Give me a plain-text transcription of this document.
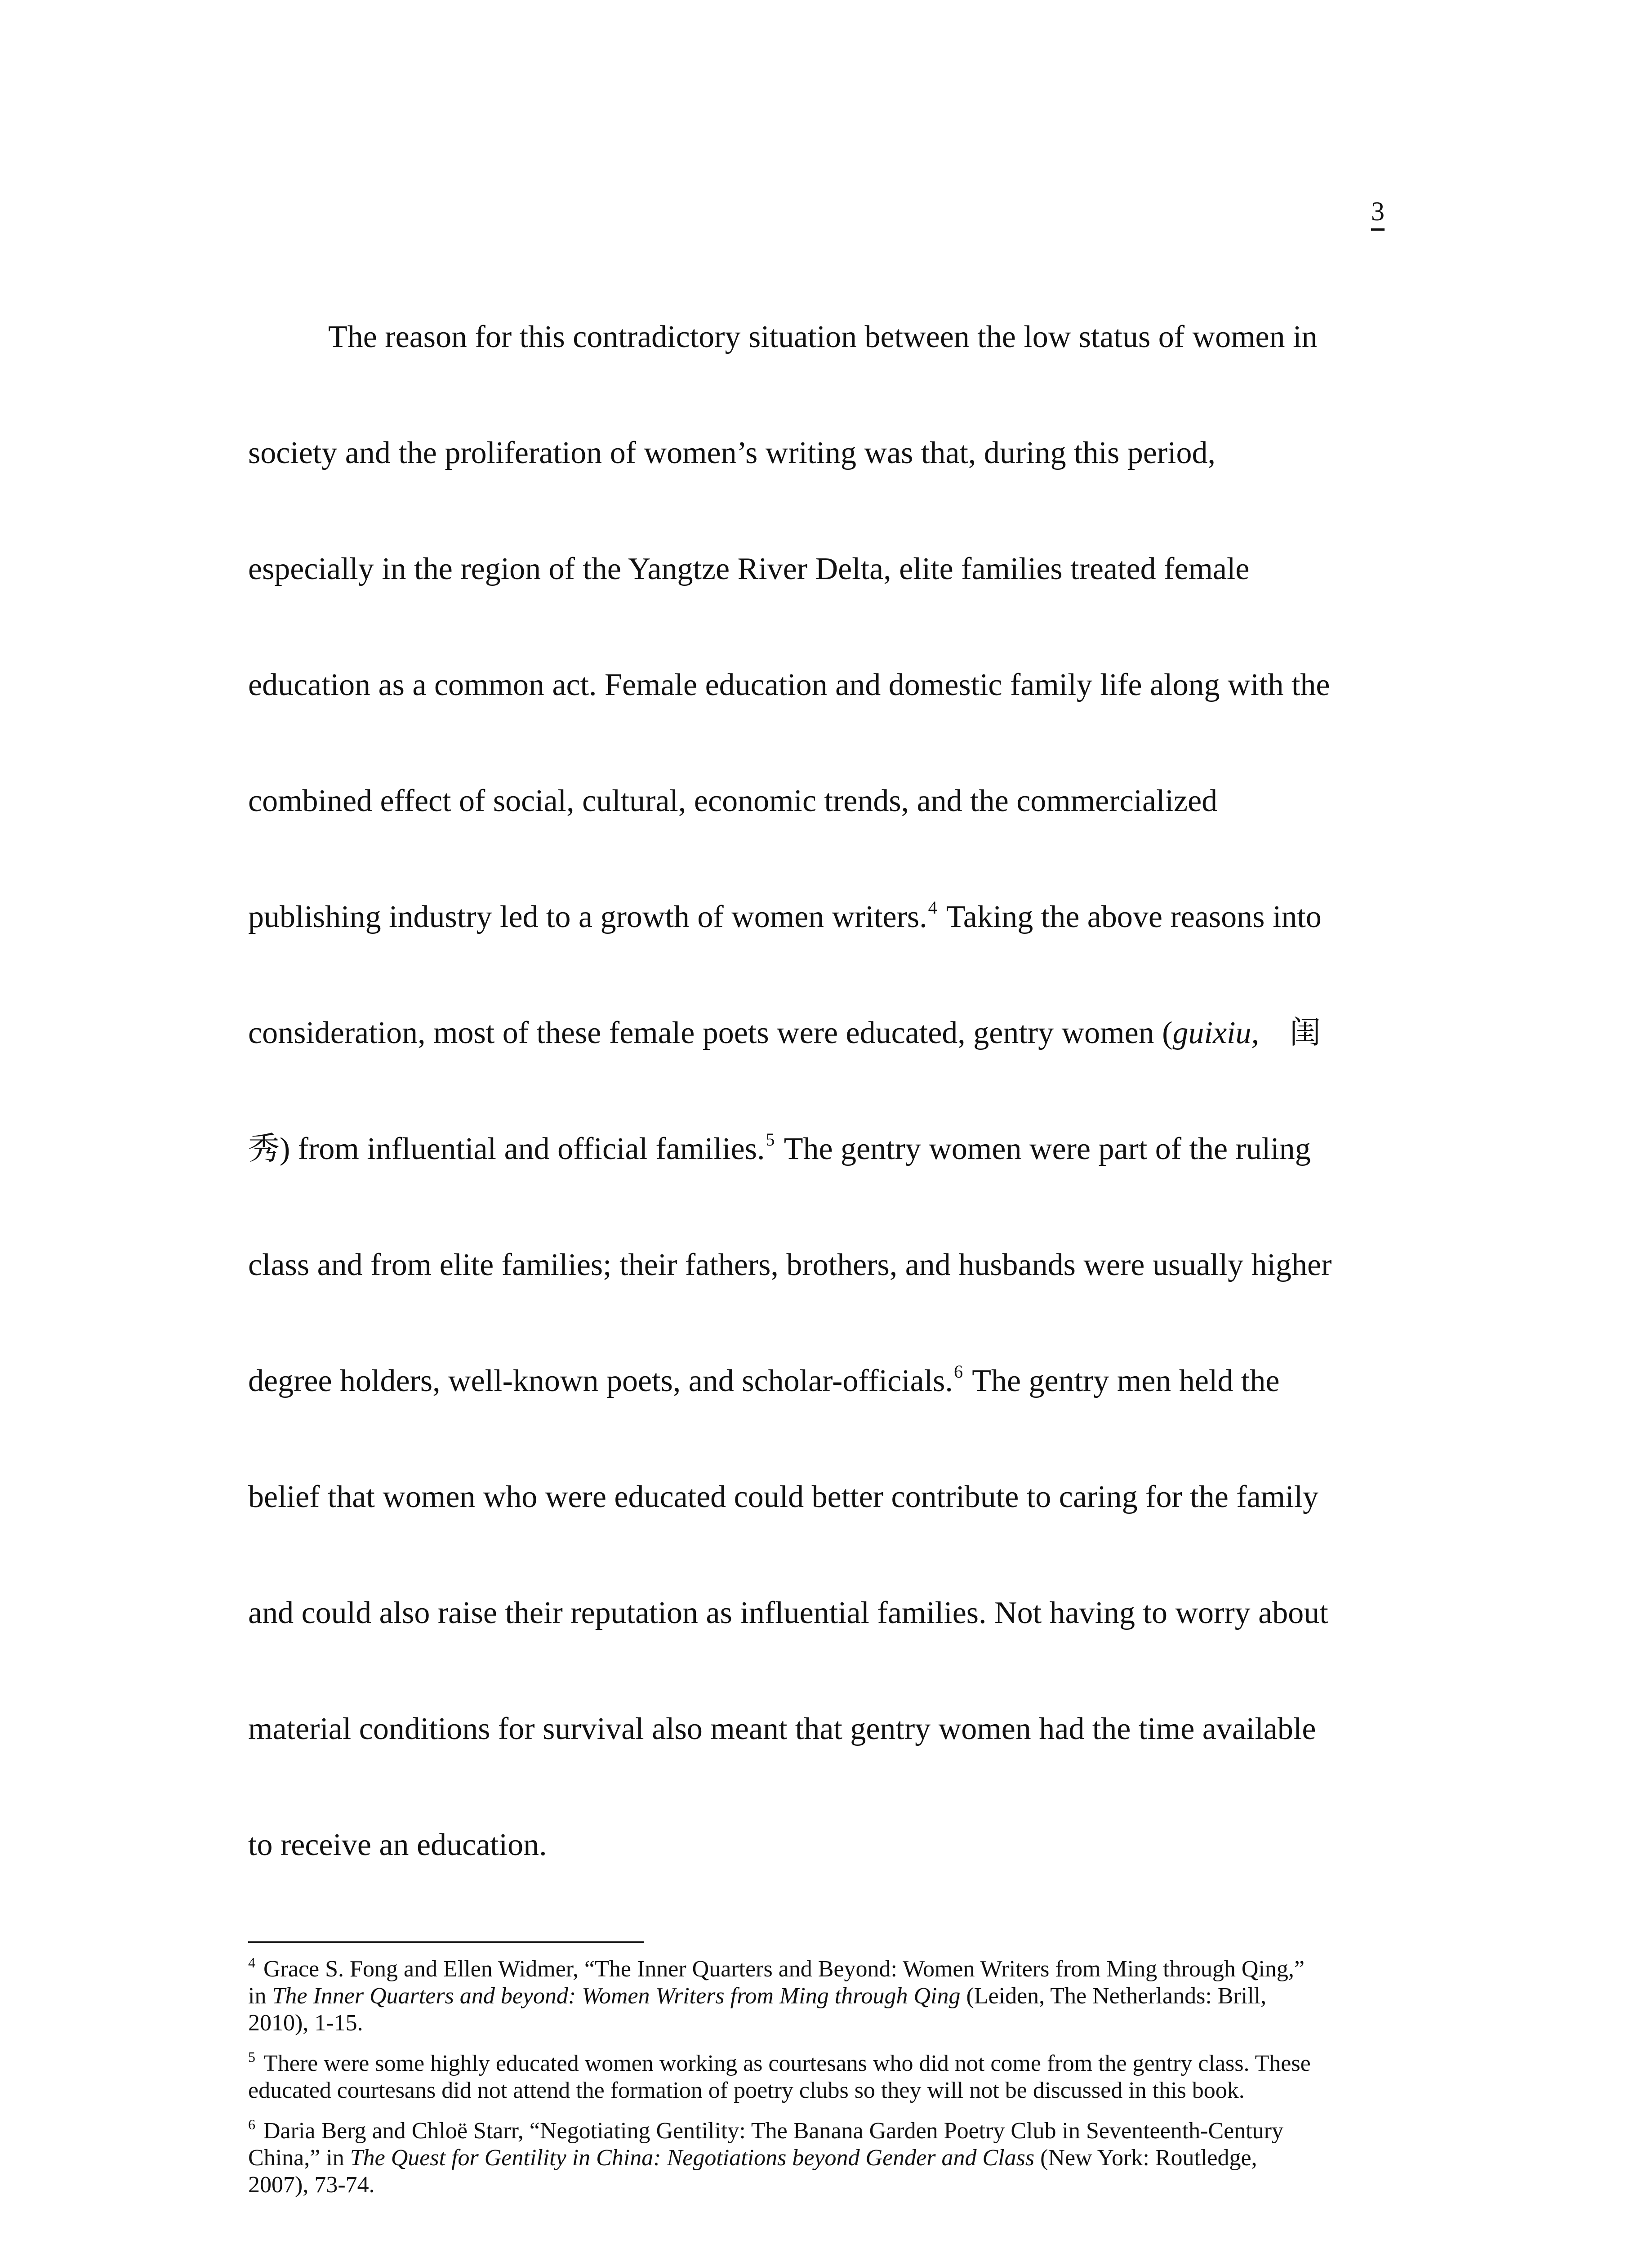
3
The reason for this contradictory situation between the low status of women in
society and the proliferation of women’s writing was that, during this period,
especially in the region of the Yangtze River Delta, elite families treated female
education as a common act. Female education and domestic family life along with the
combined effect of social, cultural, economic trends, and the commercialized
publishing industry led to a growth of women writers.$^4$ Taking the above reasons into
consideration, most of these female poets were educated, gentry women (guixiu, 闺
秀) from influential and official families.$^5$ The gentry women were part of the ruling
class and from elite families; their fathers, brothers, and husbands were usually higher
degree holders, well-known poets, and scholar-officials.$^6$ The gentry men held the
belief that women who were educated could better contribute to caring for the family
and could also raise their reputation as influential families. Not having to worry about
material conditions for survival also meant that gentry women had the time available
to receive an education.
$^4$ Grace S. Fong and Ellen Widmer, “The Inner Quarters and Beyond: Women Writers from Ming through Qing,”
in The Inner Quarters and beyond: Women Writers from Ming through Qing (Leiden, The Netherlands: Brill,
2010), 1-15.
$^5$ There were some highly educated women working as courtesans who did not come from the gentry class. These
educated courtesans did not attend the formation of poetry clubs so they will not be discussed in this book.
$^6$ Daria Berg and Chloë Starr, “Negotiating Gentility: The Banana Garden Poetry Club in Seventeenth-Century
China,” in The Quest for Gentility in China: Negotiations beyond Gender and Class (New York: Routledge,
2007), 73-74.
